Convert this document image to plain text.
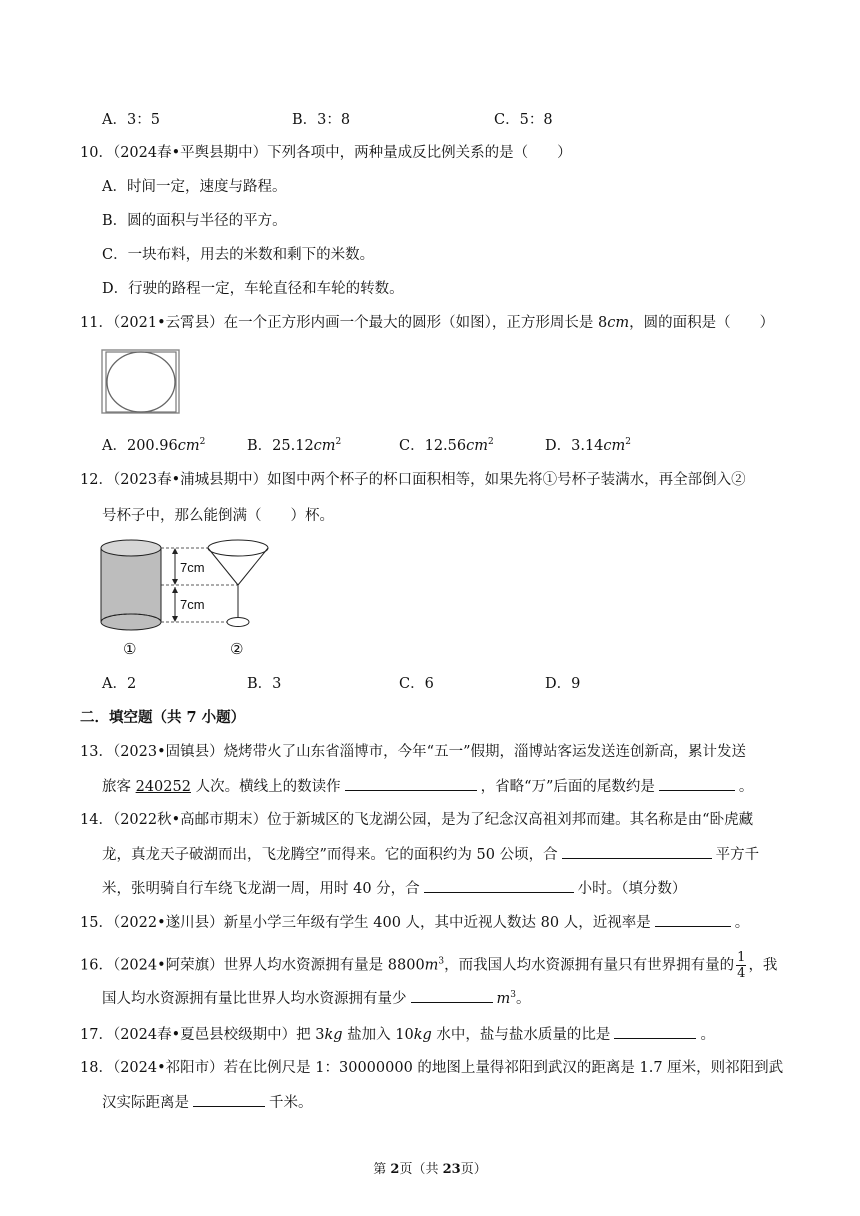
A．3：5	B．3：8	C．5：8
10．（2024春•平舆县期中）下列各项中，两种量成反比例关系的是（　　）
A．时间一定，速度与路程。
B．圆的面积与半径的平方。
C．一块布料，用去的米数和剩下的米数。
D．行驶的路程一定，车轮直径和车轮的转数。
11．（2021•云霄县）在一个正方形内画一个最大的圆形（如图），正方形周长是 8cm，圆的面积是（　　）
A．$200.96cm^2$	B．$25.12cm^2$	C．$12.56cm^2$	D．$3.14cm^2$
12．（2023春•浦城县期中）如图中两个杯子的杯口面积相等，如果先将①号杯子装满水，再全部倒入②
号杯子中，那么能倒满（　　）杯。
7cm
7cm
①	②
A．2	B．3	C．6	D．9
二．填空题（共 7 小题）
13．（2023•固镇县）烧烤带火了山东省淄博市，今年“五一”假期，淄博站客运发送连创新高，累计发送
旅客 240252 人次。横线上的数读作	，省略“万”后面的尾数约是	。
14．（2022秋•高邮市期末）位于新城区的飞龙湖公园，是为了纪念汉高祖刘邦而建。其名称是由“卧虎藏
龙，真龙天子破湖而出，飞龙腾空”而得来。它的面积约为 50 公顷，合	平方千
米，张明骑自行车绕飞龙湖一周，用时 40 分，合	小时。（填分数）
15．（2022•遂川县）新星小学三年级有学生 400 人，其中近视人数达 80 人，近视率是	。
16．（2024•阿荣旗）世界人均水资源拥有量是 $8800m^3$，而我国人均水资源拥有量只有世界拥有量的 $\frac{1}{4}$ ，我
国人均水资源拥有量比世界人均水资源拥有量少	$m^3$。
17．（2024春•夏邑县校级期中）把 3kg 盐加入 10kg 水中，盐与盐水质量的比是	。
18．（2024•祁阳市）若在比例尺是 1：30000000 的地图上量得祁阳到武汉的距离是 1.7 厘米，则祁阳到武
汉实际距离是	千米。
第 2页（共 23页）
